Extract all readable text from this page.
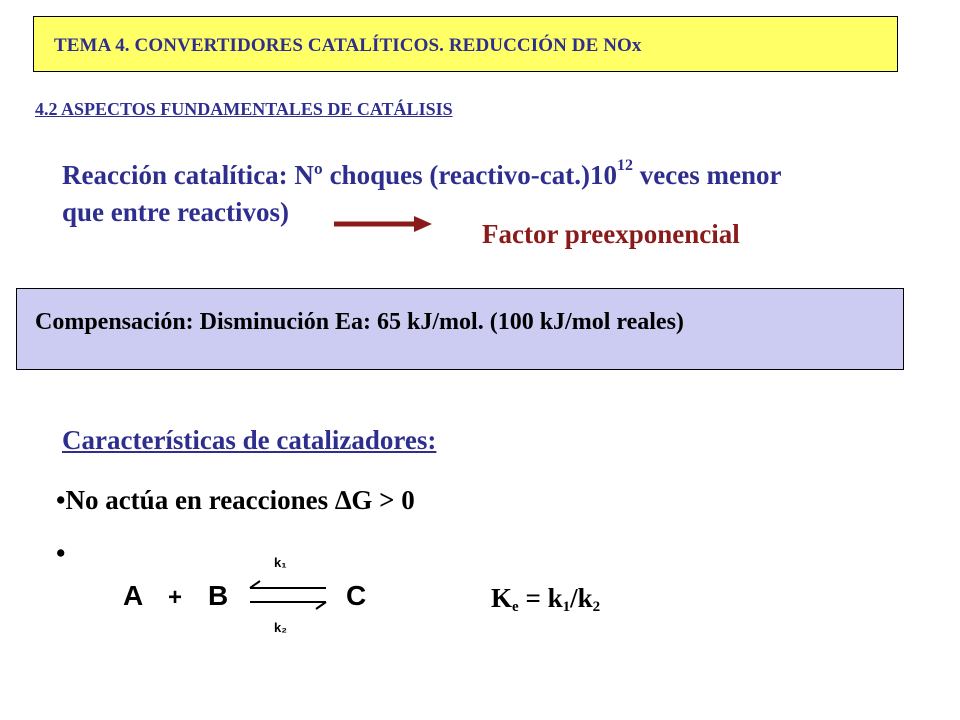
TEMA 4. CONVERTIDORES CATALÍTICOS. REDUCCIÓN DE NOx
4.2 ASPECTOS FUNDAMENTALES DE CATÁLISIS
Reacción catalítica: Nº choques $(reactivo-cat.)10^{12}$ veces menor
que entre reactivos)
Factor preexponencial
Compensación: Disminución Ea: 65 kJ/mol. (100 kJ/mol reales)
Características de catalizadores:
•No actúa en reacciones ∆G > 0
•
A + B	C
k₁
k₂
$K_e = k_1/k_2$
